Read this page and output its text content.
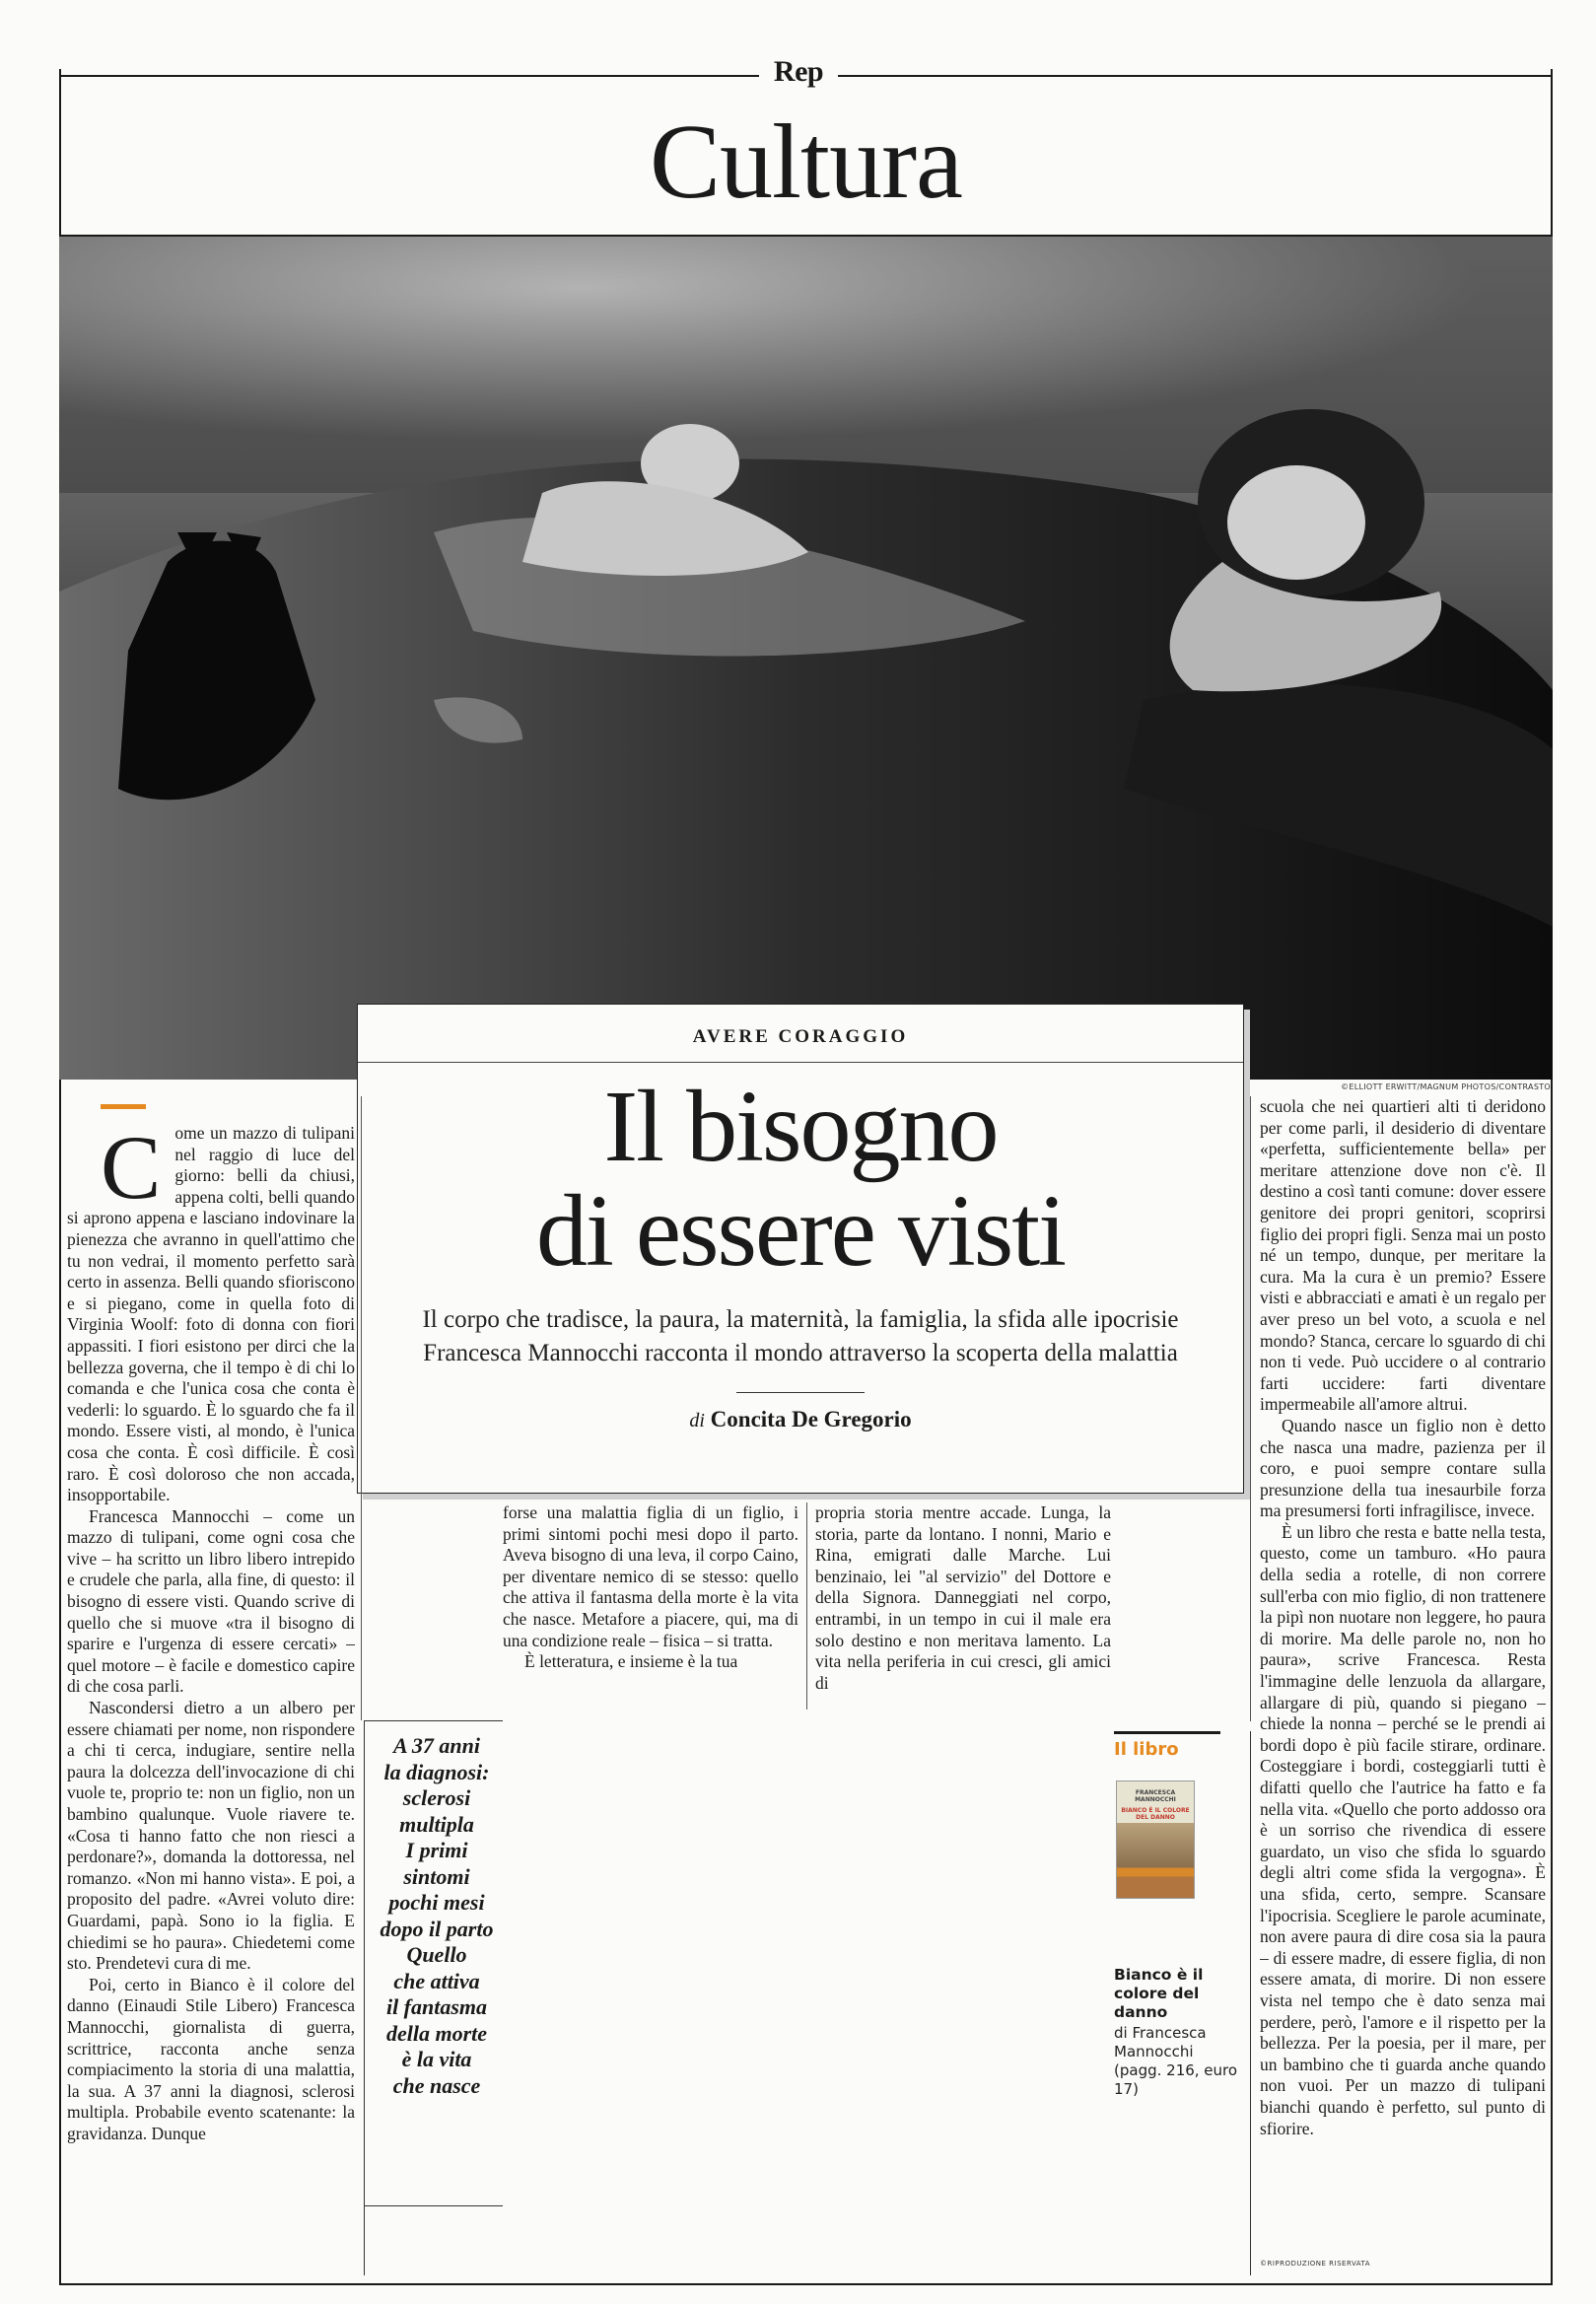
Rep
Cultura
©ELLIOTT ERWITT/MAGNUM PHOTOS/CONTRASTO
AVERE CORAGGIO
Il bisogno
di essere visti
Il corpo che tradisce, la paura, la maternità, la famiglia, la sfida alle ipocrisie
Francesca Mannocchi racconta il mondo attraverso la scoperta della malattia
di Concita De Gregorio

Come un mazzo di tulipani nel raggio di luce del giorno: belli da chiusi, appena colti, belli quando si aprono appena e lasciano indovinare la pienezza che avranno in quell'attimo che tu non vedrai, il momento perfetto sarà certo in assenza. Belli quando sfioriscono e si piegano, come in quella foto di Virginia Woolf: foto di donna con fiori appassiti. I fiori esistono per dirci che la bellezza governa, che il tempo è di chi lo comanda e che l'unica cosa che conta è vederli: lo sguardo. È lo sguardo che fa il mondo. Essere visti, al mondo, è l'unica cosa che conta. È così difficile. È così raro. È così doloroso che non accada, insopportabile.

Francesca Mannocchi – come un mazzo di tulipani, come ogni cosa che vive – ha scritto un libro libero intrepido e crudele che parla, alla fine, di questo: il bisogno di essere visti. Quando scrive di quello che si muove «tra il bisogno di sparire e l'urgenza di essere cercati» – quel motore – è facile e domestico capire di che cosa parli.

Nascondersi dietro a un albero per essere chiamati per nome, non rispondere a chi ti cerca, indugiare, sentire nella paura la dolcezza dell'invocazione di chi vuole te, proprio te: non un figlio, non un bambino qualunque. Vuole riavere te. «Cosa ti hanno fatto che non riesci a perdonare?», domanda la dottoressa, nel romanzo. «Non mi hanno vista». E poi, a proposito del padre. «Avrei voluto dire: Guardami, papà. Sono io la figlia. E chiedimi se ho paura». Chiedetemi come sto. Prendetevi cura di me.

Poi, certo in Bianco è il colore del danno (Einaudi Stile Libero) Francesca Mannocchi, giornalista di guerra, scrittrice, racconta anche senza compiacimento la storia di una malattia, la sua. A 37 anni la diagnosi, sclerosi multipla. Probabile evento scatenante: la gravidanza. Dunque

forse una malattia figlia di un figlio, i primi sintomi pochi mesi dopo il parto. Aveva bisogno di una leva, il corpo Caino, per diventare nemico di se stesso: quello che attiva il fantasma della morte è la vita che nasce. Metafore a piacere, qui, ma di una condizione reale – fisica – si tratta.

È letteratura, e insieme è la tua

propria storia mentre accade. Lunga, la storia, parte da lontano. I nonni, Mario e Rina, emigrati dalle Marche. Lui benzinaio, lei "al servizio" del Dottore e della Signora. Danneggiati nel corpo, entrambi, in un tempo in cui il male era solo destino e non meritava lamento. La vita nella periferia in cui cresci, gli amici di

A 37 anni
la diagnosi:
sclerosi
multipla
I primi
sintomi
pochi mesi
dopo il parto
Quello
che attiva
il fantasma
della morte
è la vita
che nasce
Il libro
FRANCESCA MANNOCCHI
BIANCO È IL COLORE DEL DANNO
Bianco è il colore del danno
di Francesca Mannocchi (pagg. 216, euro 17)

scuola che nei quartieri alti ti deridono per come parli, il desiderio di diventare «perfetta, sufficientemente bella» per meritare attenzione dove non c'è. Il destino a così tanti comune: dover essere genitore dei propri genitori, scoprirsi figlio dei propri figli. Senza mai un posto né un tempo, dunque, per meritare la cura. Ma la cura è un premio? Essere visti e abbracciati e amati è un regalo per aver preso un bel voto, a scuola e nel mondo? Stanca, cercare lo sguardo di chi non ti vede. Può uccidere o al contrario farti uccidere: farti diventare impermeabile all'amore altrui.

Quando nasce un figlio non è detto che nasca una madre, pazienza per il coro, e puoi sempre contare sulla presunzione della tua inesaurbile forza ma presumersi forti infragilisce, invece.

È un libro che resta e batte nella testa, questo, come un tamburo. «Ho paura della sedia a rotelle, di non correre sull'erba con mio figlio, di non trattenere la pipì non nuotare non leggere, ho paura di morire. Ma delle parole no, non ho paura», scrive Francesca. Resta l'immagine delle lenzuola da allargare, allargare di più, quando si piegano – chiede la nonna – perché se le prendi ai bordi dopo è più facile stirare, ordinare. Costeggiare i bordi, costeggiarli tutti è difatti quello che l'autrice ha fatto e fa nella vita. «Quello che porto addosso ora è un sorriso che rivendica di essere guardato, un viso che sfida lo sguardo degli altri come sfida la vergogna». È una sfida, certo, sempre. Scansare l'ipocrisia. Scegliere le parole acuminate, non avere paura di dire cosa sia la paura – di essere madre, di essere figlia, di non essere amata, di morire. Di non essere vista nel tempo che è dato senza mai perdere, però, l'amore e il rispetto per la bellezza. Per la poesia, per il mare, per un bambino che ti guarda anche quando non vuoi. Per un mazzo di tulipani bianchi quando è perfetto, sul punto di sfiorire.

©RIPRODUZIONE RISERVATA
